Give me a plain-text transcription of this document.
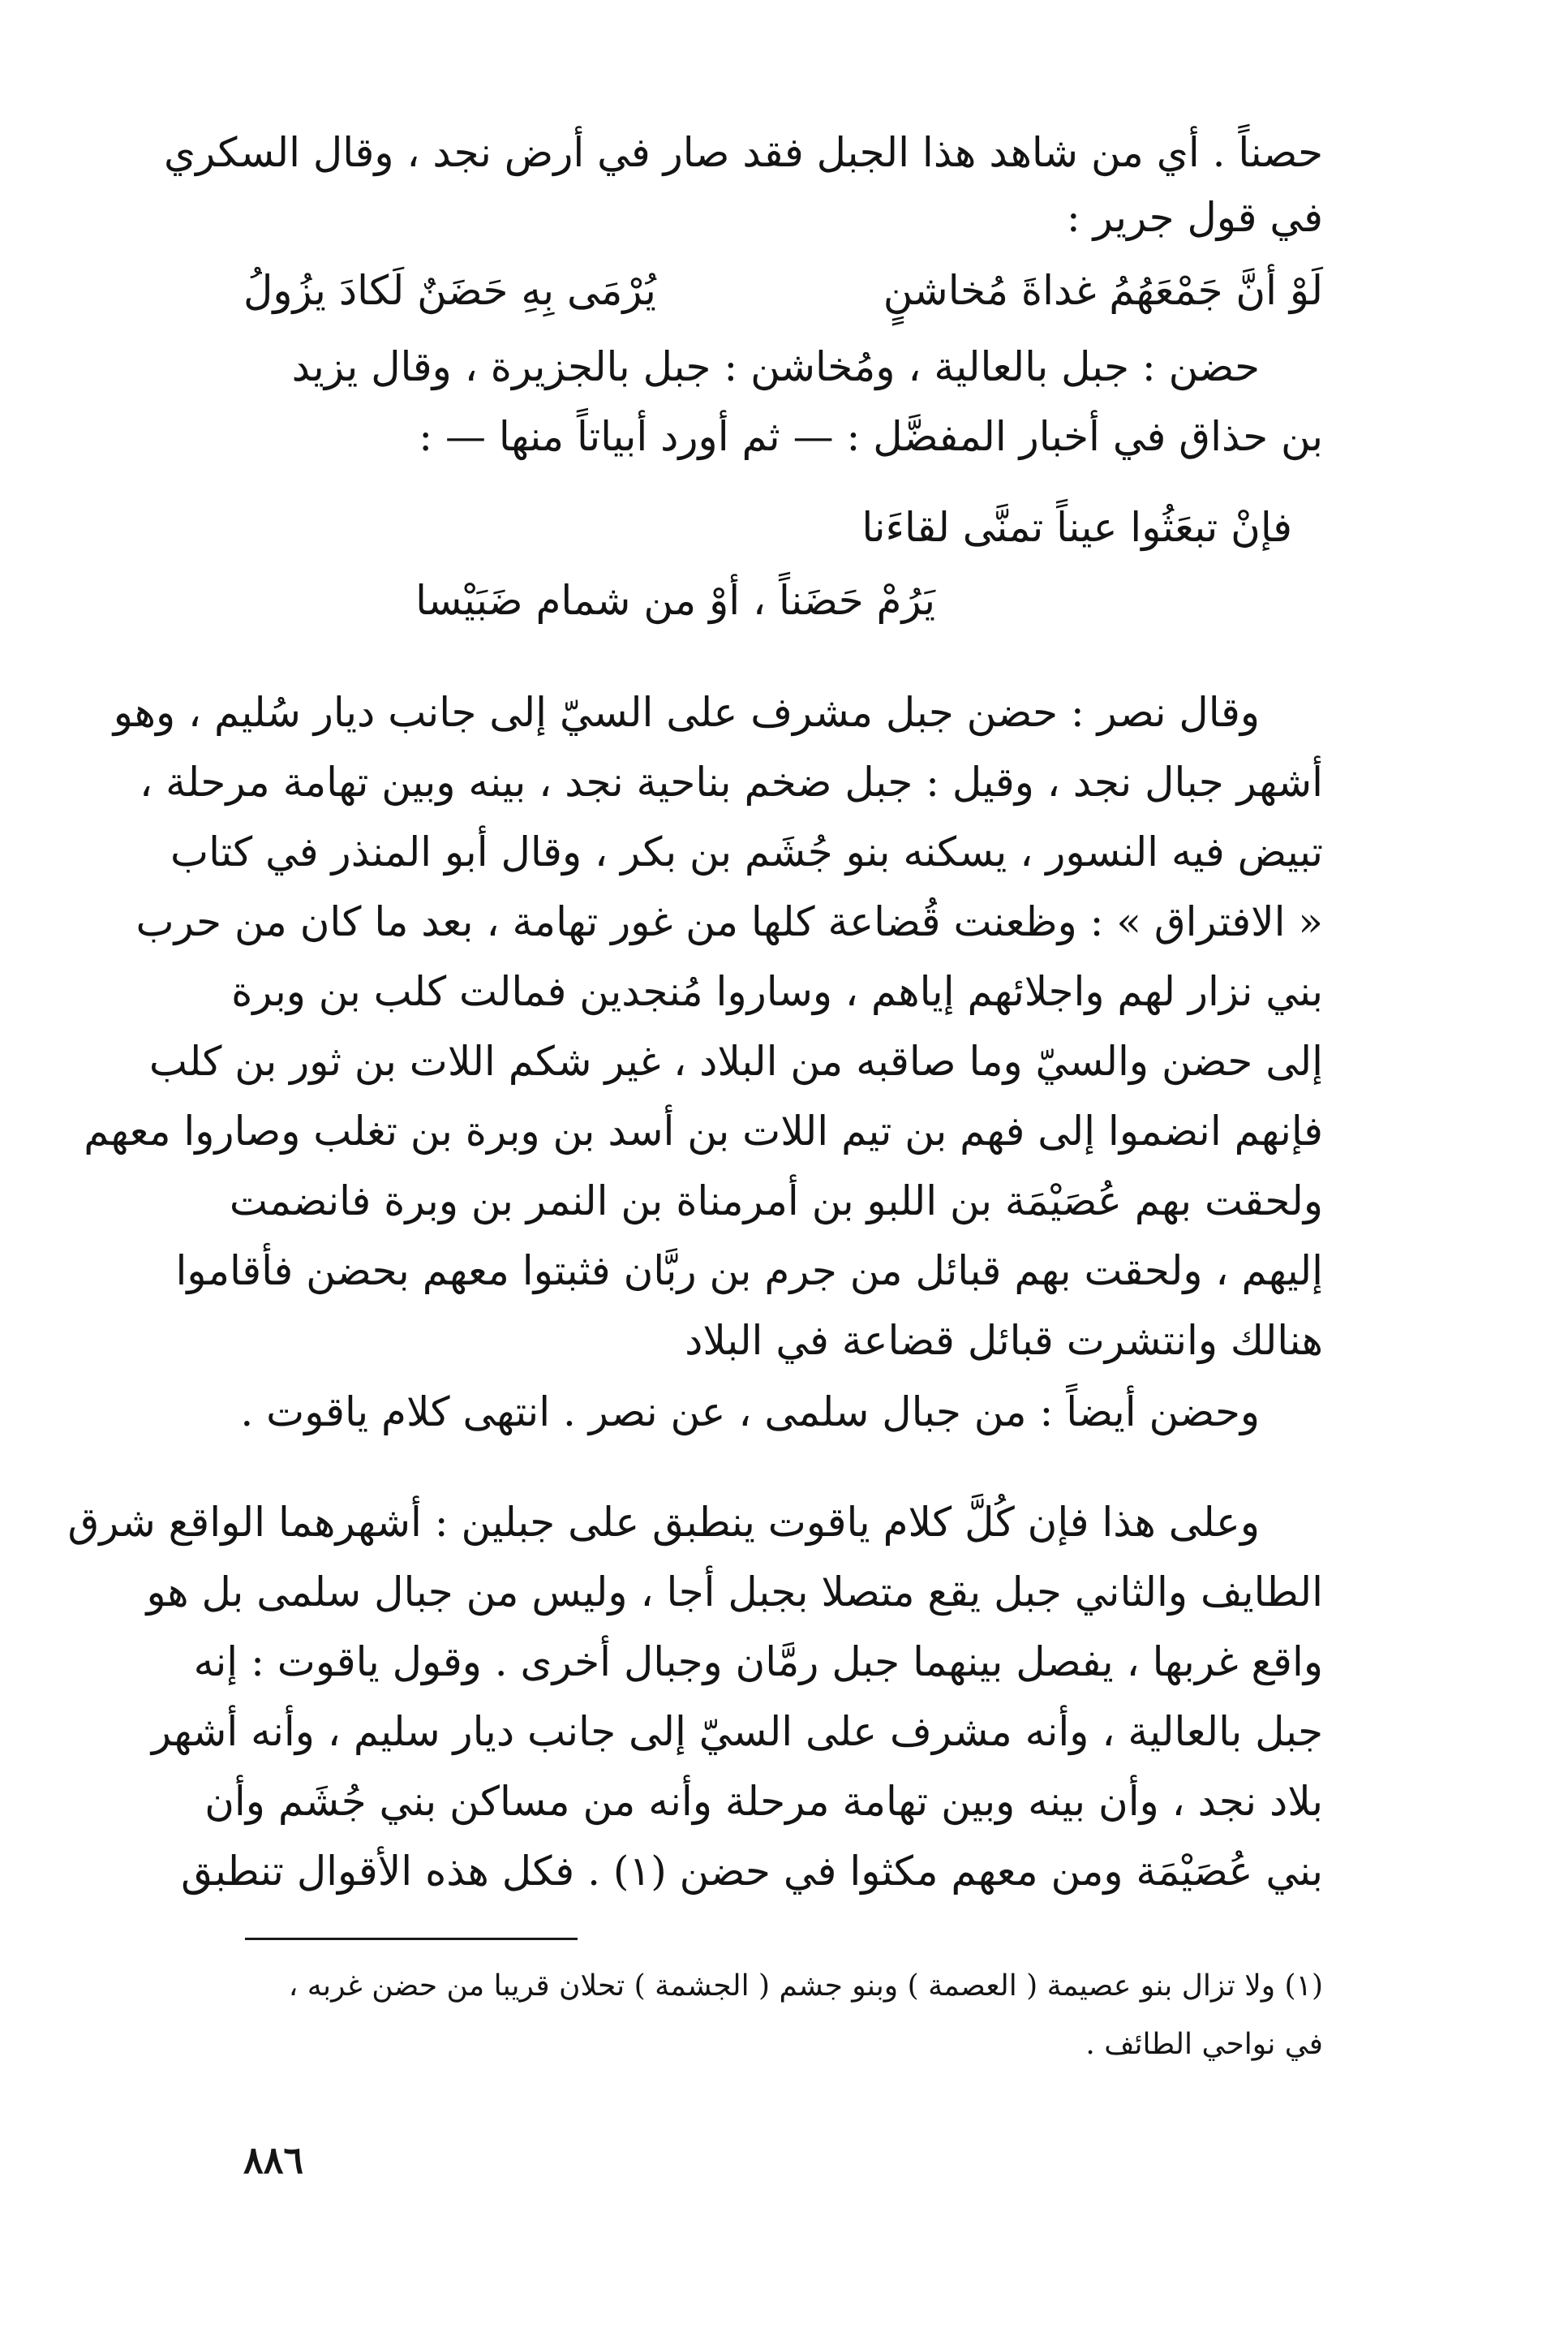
حصناً . أي من شاهد هذا الجبل فقد صار في أرض نجد ، وقال السكري
في قول جرير :
لَوْ أنَّ جَمْعَهُمُ غداةَ مُخاشنٍ
يُرْمَى بِهِ حَضَنٌ لَكادَ يزُولُ
حضن : جبل بالعالية ، ومُخاشن : جبل بالجزيرة ، وقال يزيد
بن حذاق في أخبار المفضَّل : — ثم أورد أبياتاً منها — :
فإنْ تبعَثُوا عيناً تمنَّى لقاءَنا
يَرُمْ حَضَناً ، أوْ من شمام ضَبَيْسا
وقال نصر : حضن جبل مشرف على السيّ إلى جانب ديار سُليم ، وهو
أشهر جبال نجد ، وقيل : جبل ضخم بناحية نجد ، بينه وبين تهامة مرحلة ،
تبيض فيه النسور ، يسكنه بنو جُشَم بن بكر ، وقال أبو المنذر في كتاب
« الافتراق » : وظعنت قُضاعة كلها من غور تهامة ، بعد ما كان من حرب
بني نزار لهم واجلائهم إياهم ، وساروا مُنجدين فمالت كلب بن وبرة
إلى حضن والسيّ وما صاقبه من البلاد ، غير شكم اللات بن ثور بن كلب
فإنهم انضموا إلى فهم بن تيم اللات بن أسد بن وبرة بن تغلب وصاروا معهم
ولحقت بهم عُصَيْمَة بن اللبو بن أمرمناة بن النمر بن وبرة فانضمت
إليهم ، ولحقت بهم قبائل من جرم بن ربَّان فثبتوا معهم بحضن فأقاموا
هنالك وانتشرت قبائل قضاعة في البلاد
وحضن أيضاً : من جبال سلمى ، عن نصر . انتهى كلام ياقوت .
وعلى هذا فإن كُلَّ كلام ياقوت ينطبق على جبلين : أشهرهما الواقع شرق
الطايف والثاني جبل يقع متصلا بجبل أجا ، وليس من جبال سلمى بل هو
واقع غربها ، يفصل بينهما جبل رمَّان وجبال أخرى . وقول ياقوت : إنه
جبل بالعالية ، وأنه مشرف على السيّ إلى جانب ديار سليم ، وأنه أشهر
بلاد نجد ، وأن بينه وبين تهامة مرحلة وأنه من مساكن بني جُشَم وأن
بني عُصَيْمَة ومن معهم مكثوا في حضن (١) . فكل هذه الأقوال تنطبق
(١) ولا تزال بنو عصيمة ( العصمة ) وبنو جشم ( الجشمة ) تحلان قريبا من حضن غربه ،
في نواحي الطائف .
٨٨٦
